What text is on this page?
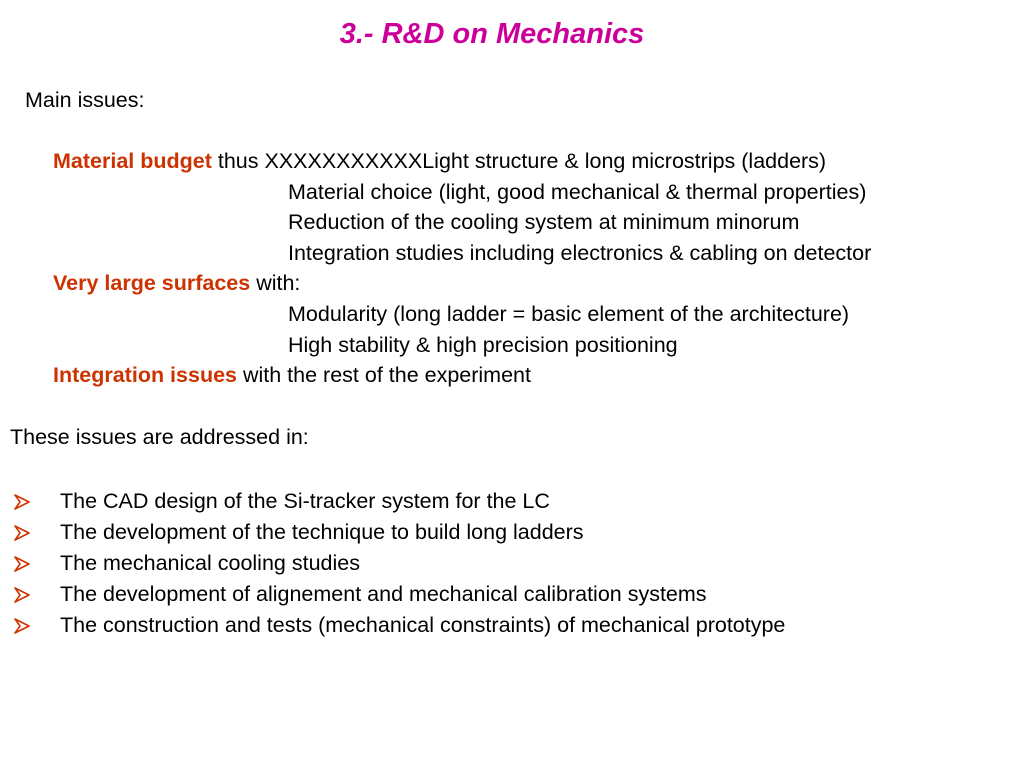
3.- R&D on Mechanics
Main issues:
Material budget thus XXXXXXXXXXXLight structure & long microstrips (ladders)
Material choice (light, good mechanical & thermal properties)
Reduction of the cooling system at minimum minorum
Integration studies including electronics & cabling on detector
Very large surfaces with:
Modularity (long ladder = basic element of the architecture)
High stability & high precision positioning
Integration issues with the rest of the experiment
These issues are addressed in:
The CAD design of the Si-tracker system for the LC
The development of the technique to build long ladders
The mechanical cooling studies
The development of alignement and mechanical calibration systems
The construction and tests (mechanical constraints) of mechanical prototype
